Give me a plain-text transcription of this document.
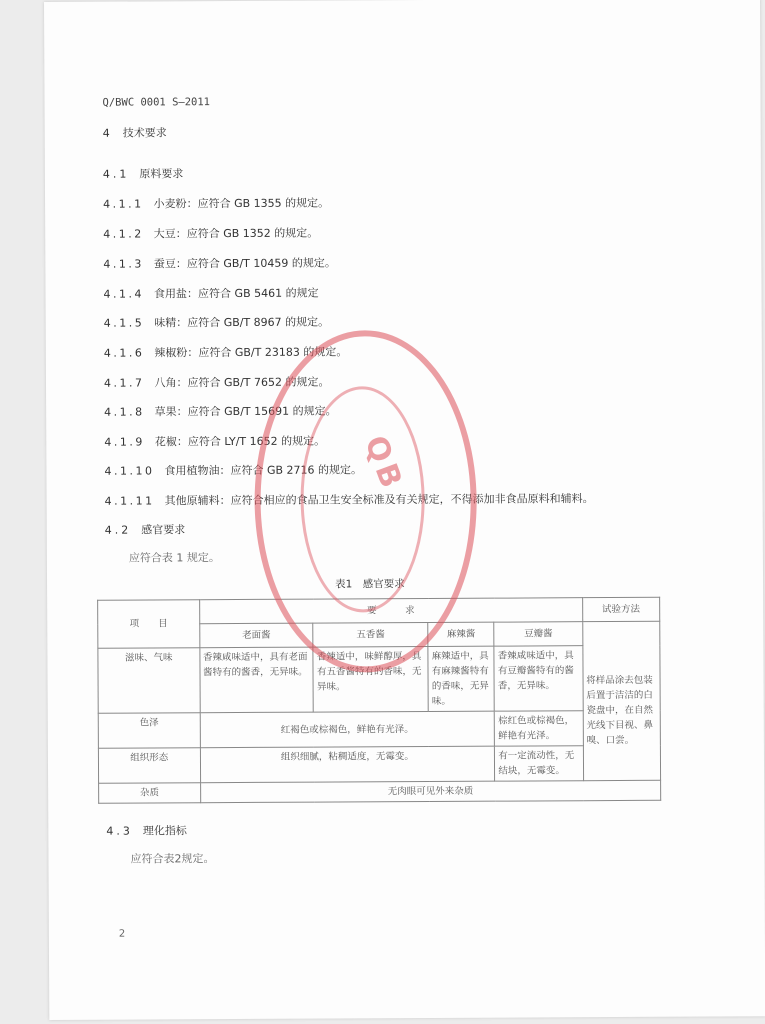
Q/BWC 0001 S—2011
4 技术要求
4.1 原料要求
4.1.1 小麦粉：应符合 GB 1355 的规定。
4.1.2 大豆：应符合 GB 1352 的规定。
4.1.3 蚕豆：应符合 GB/T 10459 的规定。
4.1.4 食用盐：应符合 GB 5461 的规定
4.1.5 味精：应符合 GB/T 8967 的规定。
4.1.6 辣椒粉：应符合 GB/T 23183 的规定。
4.1.7 八角：应符合 GB/T 7652 的规定。
4.1.8 草果：应符合 GB/T 15691 的规定。
4.1.9 花椒：应符合 LY/T 1652 的规定。
4.1.10 食用植物油：应符合 GB 2716 的规定。
4.1.11 其他原辅料：应符合相应的食品卫生安全标准及有关规定，不得添加非食品原料和辅料。
4.2 感官要求
应符合表 1 规定。
表1　感官要求
项　　目	要　　　求				试验方法
	老面酱	五香酱	麻辣酱	豆瓣酱	将样品涂去包装后置于洁洁的白瓷盘中，在自然光线下目视、鼻嗅、口尝。
滋味、气味	香辣咸味适中，具有老面酱特有的酱香，无异味。	香辣适中，味鲜醇厚，具有五香酱特有的香味，无异味。	麻辣适中，具有麻辣酱特有的香味，无异味。	香辣咸味适中，具有豆瓣酱特有的酱香，无异味。	
色泽	红褐色或棕褐色，鲜艳有光泽。			棕红色或棕褐色，鲜艳有光泽。	
组织形态	组织细腻，粘稠适度，无霉变。			有一定流动性，无结块，无霉变。	
杂质	无肉眼可见外来杂质				
4.3 理化指标
应符合表2规定。
2
QB
